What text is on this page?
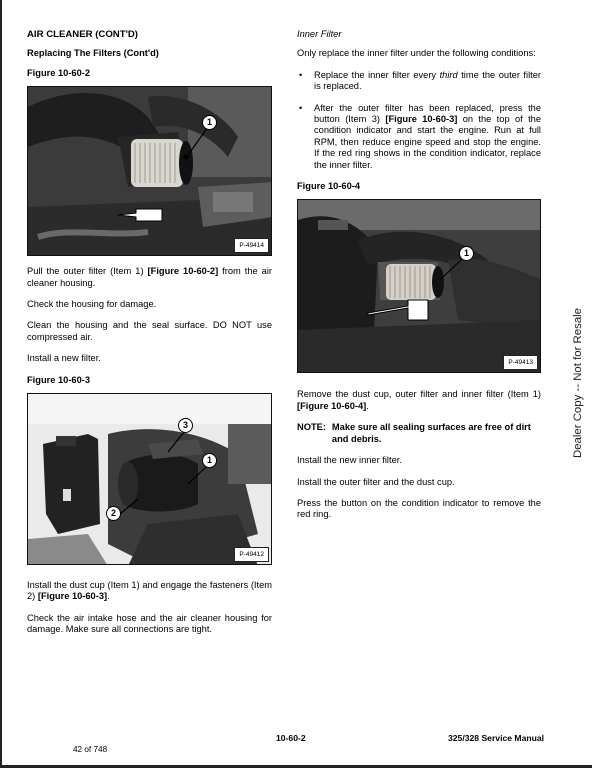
AIR CLEANER (CONT'D)
Replacing The Filters (Cont'd)
Figure 10-60-2
1
P-49414

Pull the outer filter (Item 1) [Figure 10-60-2] from the air cleaner housing.

Check the housing for damage.

Clean the housing and the seal surface. DO NOT use compressed air.

Install a new filter.

Figure 10-60-3
3
1
2
P-49412

Install the dust cup (Item 1) and engage the fasteners (Item 2) [Figure 10-60-3].

Check the air intake hose and the air cleaner housing for damage. Make sure all connections are tight.

Inner Filter

Only replace the inner filter under the following conditions:

• Replace the inner filter every third time the outer filter is replaced.
• After the outer filter has been replaced, press the button (Item 3) [Figure 10-60-3] on the top of the condition indicator and start the engine. Run at full RPM, then reduce engine speed and stop the engine. If the red ring shows in the condition indicator, replace the inner filter.
Figure 10-60-4
1
P-49413

Remove the dust cup, outer filter and inner filter (Item 1) [Figure 10-60-4].

NOTE: Make sure all sealing surfaces are free of dirt and debris.

Install the new inner filter.

Install the outer filter and the dust cup.

Press the button on the condition indicator to remove the red ring.

10-60-2	325/328 Service Manual
42 of 748
Dealer Copy -- Not for Resale
